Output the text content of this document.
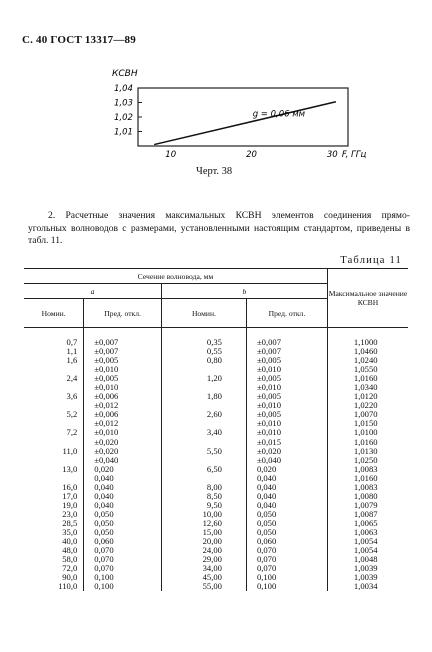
С. 40 ГОСТ 13317—89
КСВН
1,04
1,03
1,02
1,01
10	20	30 F, ГГц
g = 0,06 мм
Черт. 38
2. Расчетные значения максимальных КСВН элементов соединения прямо-
угольных волноводов с размерами, установленными настоящим стандартом, приведены в табл. 11.
Таблица 11
Сечение волновода, мм				Максимальное значение КСВН
a		b		
Номин.	Пред. откл.	Номин.	Пред. откл.	

0,7	±0,007	0,35	±0,007	1,1000
1,1	±0,007	0,55	±0,007	1,0460
1,6	±0,005	0,80	±0,005	1,0240
	±0,010		±0,010	1,0550
2,4	±0,005	1,20	±0,005	1,0160
	±0,010		±0,010	1,0340
3,6	±0,006	1,80	±0,005	1,0120
	±0,012		±0,010	1,0220
5,2	±0,006	2,60	±0,005	1,0070
	±0,012		±0,010	1,0150
7,2	±0,010	3,40	±0,010	1,0100
	±0,020		±0,015	1,0160
11,0	±0,020	5,50	±0,020	1,0130
	±0,040		±0,040	1,0250
13,0	0,020	6,50	0,020	1,0083
	0,040		0,040	1,0160
16,0	0,040	8,00	0,040	1,0083
17,0	0,040	8,50	0,040	1,0080
19,0	0,040	9,50	0,040	1,0079
23,0	0,050	10,00	0,050	1,0087
28,5	0,050	12,60	0,050	1,0065
35,0	0,050	15,00	0,050	1,0063
40,0	0,060	20,00	0,060	1,0054
48,0	0,070	24,00	0,070	1,0054
58,0	0,070	29,00	0,070	1,0048
72,0	0,070	34,00	0,070	1,0039
90,0	0,100	45,00	0,100	1,0039
110,0	0,100	55,00	0,100	1,0034
